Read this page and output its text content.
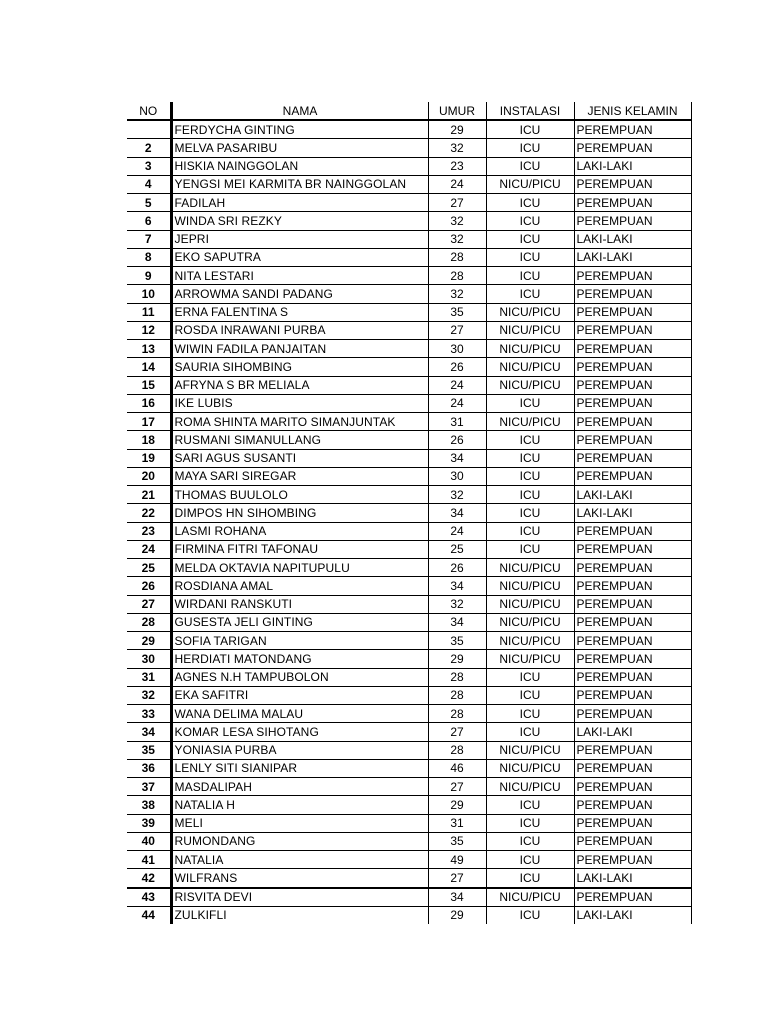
NO	NAMA	UMUR	INSTALASI	JENIS KELAMIN
	FERDYCHA GINTING	29	ICU	PEREMPUAN
2	MELVA PASARIBU	32	ICU	PEREMPUAN
3	HISKIA NAINGGOLAN	23	ICU	LAKI-LAKI
4	YENGSI MEI KARMITA BR NAINGGOLAN	24	NICU/PICU	PEREMPUAN
5	FADILAH	27	ICU	PEREMPUAN
6	WINDA SRI REZKY	32	ICU	PEREMPUAN
7	JEPRI	32	ICU	LAKI-LAKI
8	EKO SAPUTRA	28	ICU	LAKI-LAKI
9	NITA LESTARI	28	ICU	PEREMPUAN
10	ARROWMA SANDI PADANG	32	ICU	PEREMPUAN
11	ERNA FALENTINA S	35	NICU/PICU	PEREMPUAN
12	ROSDA INRAWANI PURBA	27	NICU/PICU	PEREMPUAN
13	WIWIN FADILA PANJAITAN	30	NICU/PICU	PEREMPUAN
14	SAURIA SIHOMBING	26	NICU/PICU	PEREMPUAN
15	AFRYNA S BR MELIALA	24	NICU/PICU	PEREMPUAN
16	IKE LUBIS	24	ICU	PEREMPUAN
17	ROMA SHINTA MARITO SIMANJUNTAK	31	NICU/PICU	PEREMPUAN
18	RUSMANI SIMANULLANG	26	ICU	PEREMPUAN
19	SARI AGUS SUSANTI	34	ICU	PEREMPUAN
20	MAYA SARI SIREGAR	30	ICU	PEREMPUAN
21	THOMAS BUULOLO	32	ICU	LAKI-LAKI
22	DIMPOS HN SIHOMBING	34	ICU	LAKI-LAKI
23	LASMI ROHANA	24	ICU	PEREMPUAN
24	FIRMINA FITRI TAFONAU	25	ICU	PEREMPUAN
25	MELDA OKTAVIA NAPITUPULU	26	NICU/PICU	PEREMPUAN
26	ROSDIANA AMAL	34	NICU/PICU	PEREMPUAN
27	WIRDANI RANSKUTI	32	NICU/PICU	PEREMPUAN
28	GUSESTA JELI GINTING	34	NICU/PICU	PEREMPUAN
29	SOFIA TARIGAN	35	NICU/PICU	PEREMPUAN
30	HERDIATI MATONDANG	29	NICU/PICU	PEREMPUAN
31	AGNES N.H TAMPUBOLON	28	ICU	PEREMPUAN
32	EKA SAFITRI	28	ICU	PEREMPUAN
33	WANA DELIMA MALAU	28	ICU	PEREMPUAN
34	KOMAR LESA SIHOTANG	27	ICU	LAKI-LAKI
35	YONIASIA PURBA	28	NICU/PICU	PEREMPUAN
36	LENLY SITI SIANIPAR	46	NICU/PICU	PEREMPUAN
37	MASDALIPAH	27	NICU/PICU	PEREMPUAN
38	NATALIA H	29	ICU	PEREMPUAN
39	MELI	31	ICU	PEREMPUAN
40	RUMONDANG	35	ICU	PEREMPUAN
41	NATALIA	49	ICU	PEREMPUAN
42	WILFRANS	27	ICU	LAKI-LAKI
43	RISVITA DEVI	34	NICU/PICU	PEREMPUAN
44	ZULKIFLI	29	ICU	LAKI-LAKI
